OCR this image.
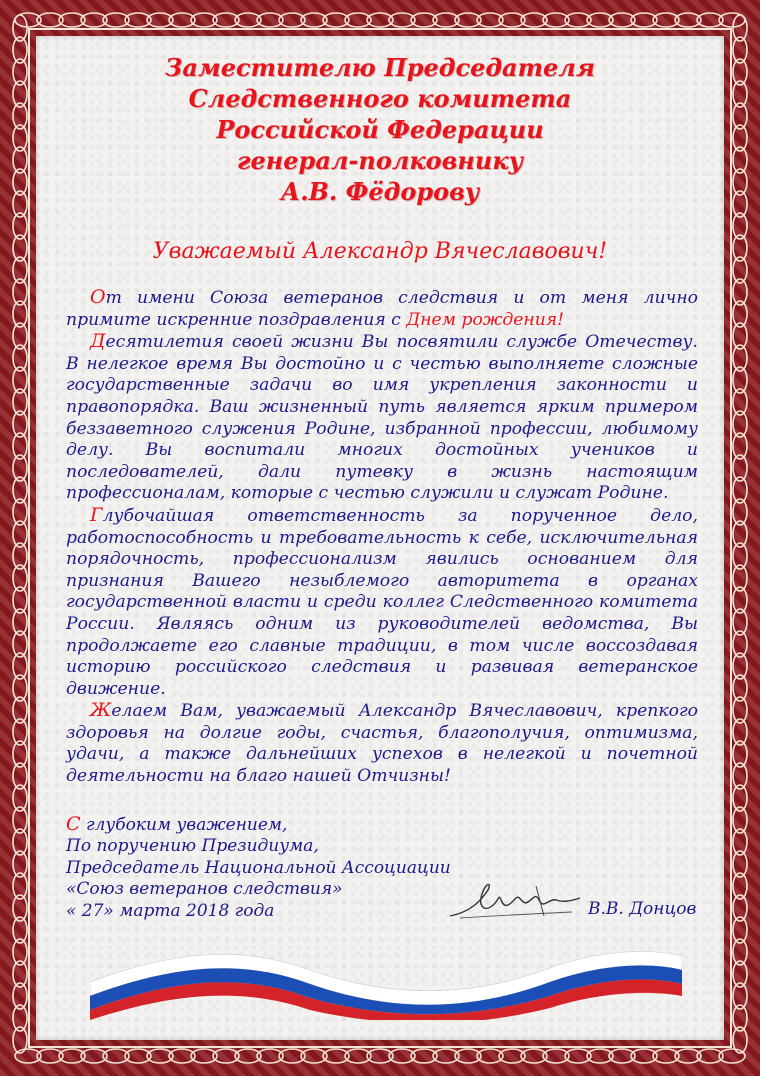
Заместителю Председателя
Следственного комитета
Российской Федерации
генерал-полковнику
А.В. Фёдорову
Уважаемый Александр Вячеславович!

От имени Союза ветеранов следствия и от меня лично примите искренние поздравления с Днем рождения!

Десятилетия своей жизни Вы посвятили службе Отечеству. В нелегкое время Вы достойно и с честью выполняете сложные государственные задачи во имя укрепления законности и правопорядка. Ваш жизненный путь является ярким примером беззаветного служения Родине, избранной профессии, любимому делу. Вы воспитали многих достойных учеников и последователей, дали путевку в жизнь настоящим профессионалам, которые с честью служили и служат Родине.

Глубочайшая ответственность за порученное дело, работоспособность и требовательность к себе, исключительная порядочность, профессионализм явились основанием для признания Вашего незыблемого авторитета в органах государственной власти и среди коллег Следственного комитета России. Являясь одним из руководителей ведомства, Вы продолжаете его славные традиции, в том числе воссоздавая историю российского следствия и развивая ветеранское движение.

Желаем Вам, уважаемый Александр Вячеславович, крепкого здоровья на долгие годы, счастья, благополучия, оптимизма, удачи, а также дальнейших успехов в нелегкой и почетной деятельности на благо нашей Отчизны!

С глубоким уважением,
По поручению Президиума,
Председатель Национальной Ассоциации
«Союз ветеранов следствия»
« 27» марта 2018 года	В.В. Донцов
